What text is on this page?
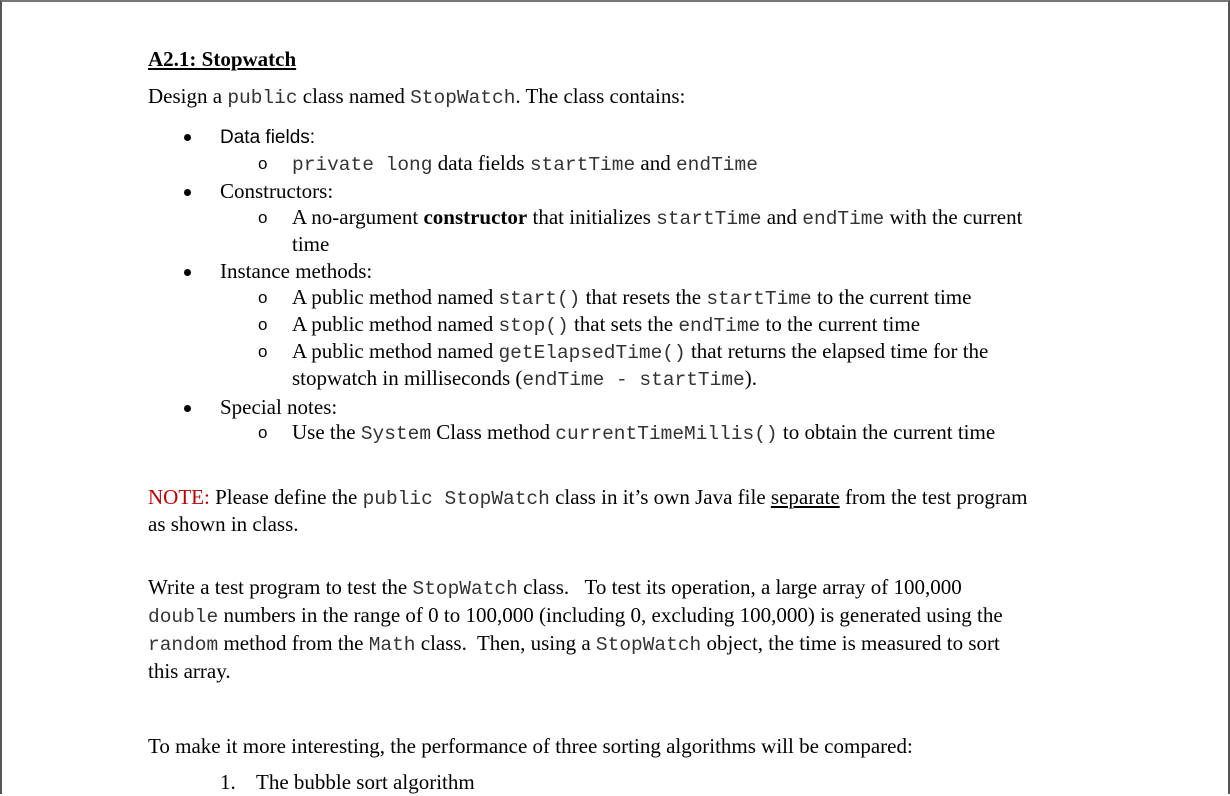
A2.1: Stopwatch
Design a public class named StopWatch. The class contains:
Data fields:
o private long data fields startTime and endTime
Constructors:
o A no-argument constructor that initializes startTime and endTime with the current
time
Instance methods:
o A public method named start() that resets the startTime to the current time
o A public method named stop() that sets the endTime to the current time
o A public method named getElapsedTime() that returns the elapsed time for the
stopwatch in milliseconds (endTime - startTime).
Special notes:
o Use the System Class method currentTimeMillis() to obtain the current time
NOTE: Please define the public StopWatch class in it’s own Java file separate from the test program
as shown in class.
Write a test program to test the StopWatch class.   To test its operation, a large array of 100,000
double numbers in the range of 0 to 100,000 (including 0, excluding 100,000) is generated using the
random method from the Math class.  Then, using a StopWatch object, the time is measured to sort
this array.
To make it more interesting, the performance of three sorting algorithms will be compared:
1. The bubble sort algorithm
